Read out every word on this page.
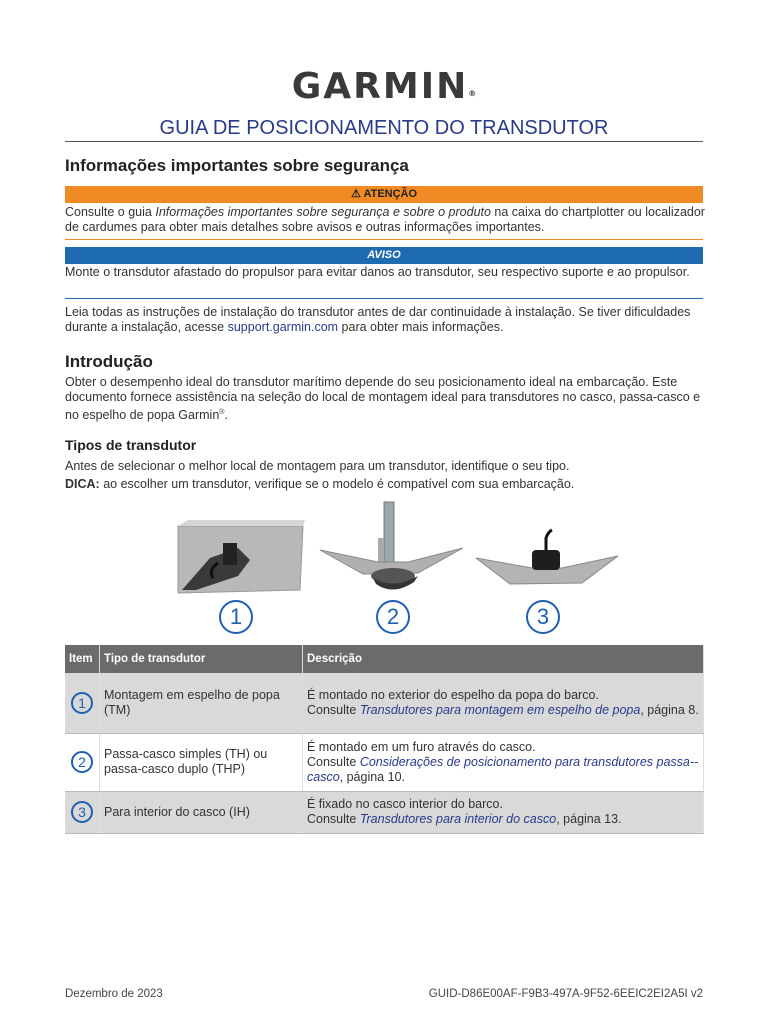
GARMIN®
GUIA DE POSICIONAMENTO DO TRANSDUTOR
Informações importantes sobre segurança
⚠ ATENÇÃO
Consulte o guia Informações importantes sobre segurança e sobre o produto na caixa do chartplotter ou localizador de cardumes para obter mais detalhes sobre avisos e outras informações importantes.
AVISO
Monte o transdutor afastado do propulsor para evitar danos ao transdutor, seu respectivo suporte e ao propulsor.
Leia todas as instruções de instalação do transdutor antes de dar continuidade à instalação. Se tiver dificuldades durante a instalação, acesse support.garmin.com para obter mais informações.
Introdução
Obter o desempenho ideal do transdutor marítimo depende do seu posicionamento ideal na embarcação. Este documento fornece assistência na seleção do local de montagem ideal para transdutores no casco, passa-casco e no espelho de popa Garmin®.
Tipos de transdutor
Antes de selecionar o melhor local de montagem para um transdutor, identifique o seu tipo.
DICA: ao escolher um transdutor, verifique se o modelo é compatível com sua embarcação.
1	2	3
Item	Tipo de transdutor	Descrição
1	Montagem em espelho de popa (TM)	É montado no exterior do espelho da popa do barco.
Consulte Transdutores para montagem em espelho de popa, página 8.
2	Passa-casco simples (TH) ou passa-casco duplo (THP)	É montado em um furo através do casco.
Consulte Considerações de posicionamento para transdutores passa--casco, página 10.
3	Para interior do casco (IH)	É fixado no casco interior do barco.
Consulte Transdutores para interior do casco, página 13.
Dezembro de 2023	GUID-D86E00AF-F9B3-497A-9F52-6EEIC2EI2A5I v2
